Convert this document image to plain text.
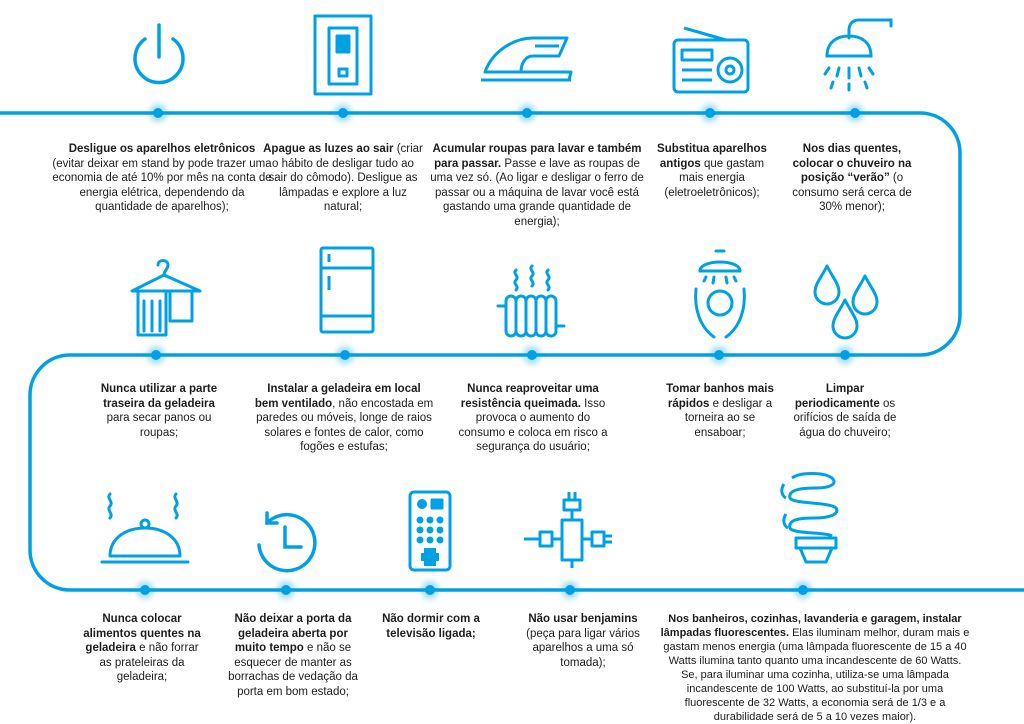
Desligue os aparelhos eletrônicos (evitar deixar em stand by pode trazer uma economia de até 10% por mês na conta de energia elétrica, dependendo da quantidade de aparelhos);
Apague as luzes ao sair (criar o hábito de desligar tudo ao sair do cômodo). Desligue as lâmpadas e explore a luz natural;
Acumular roupas para lavar e também para passar. Passe e lave as roupas de uma vez só. (Ao ligar e desligar o ferro de passar ou a máquina de lavar você está gastando uma grande quantidade de energia);
Substitua aparelhos antigos que gastam mais energia (eletroeletrônicos);
Nos dias quentes, colocar o chuveiro na posição “verão” (o consumo será cerca de 30% menor);
Nunca utilizar a parte traseira da geladeira para secar panos ou roupas;
Instalar a geladeira em local bem ventilado, não encostada em paredes ou móveis, longe de raios solares e fontes de calor, como fogões e estufas;
Nunca reaproveitar uma resistência queimada. Isso provoca o aumento do consumo e coloca em risco a segurança do usuário;
Tomar banhos mais rápidos e desligar a torneira ao se ensaboar;
Limpar periodicamente os orifícios de saída de água do chuveiro;
Nunca colocar alimentos quentes na geladeira e não forrar as prateleiras da geladeira;
Não deixar a porta da geladeira aberta por muito tempo e não se esquecer de manter as borrachas de vedação da porta em bom estado;
Não dormir com a televisão ligada;
Não usar benjamins (peça para ligar vários aparelhos a uma só tomada);
Nos banheiros, cozinhas, lavanderia e garagem, instalar lâmpadas fluorescentes. Elas iluminam melhor, duram mais e gastam menos energia (uma lâmpada fluorescente de 15 a 40 Watts ilumina tanto quanto uma incandescente de 60 Watts. Se, para iluminar uma cozinha, utiliza-se uma lâmpada incandescente de 100 Watts, ao substituí-la por uma fluorescente de 32 Watts, a economia será de 1/3 e a durabilidade será de 5 a 10 vezes maior).
